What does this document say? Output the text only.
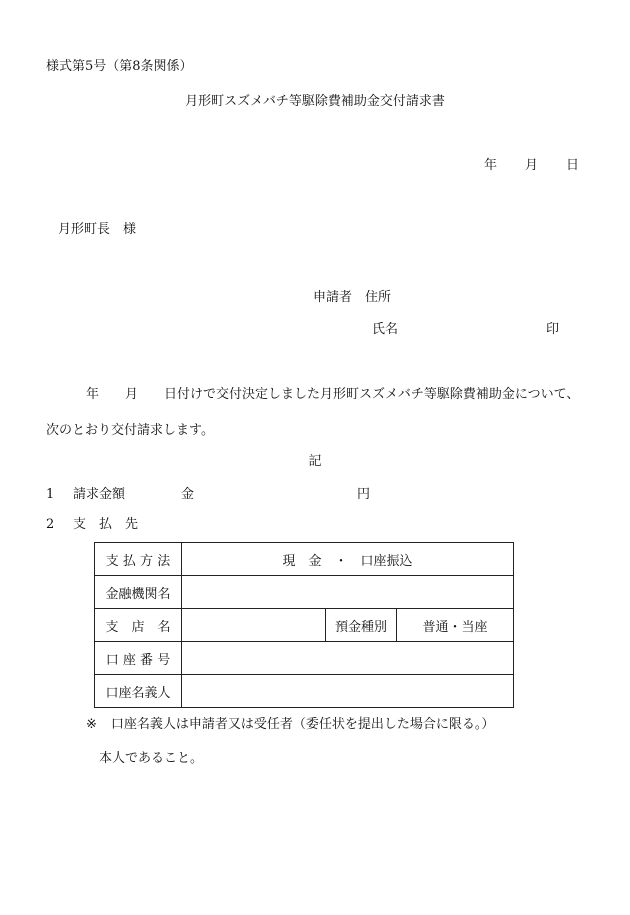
様式第5号（第8条関係）
月形町スズメバチ等駆除費補助金交付請求書
年 月 日
月形町長　様
申請者　住所
氏名	印
年　　月　　日付けで交付決定しました月形町スズメバチ等駆除費補助金について、
次のとおり交付請求します。
記
1 請求金額	金	円
2 支　払　先
支 払 方 法	現　金　・　口座振込		
金融機関名			
支　店　名		預金種別	普通・当座
口 座 番 号			
口座名義人			
※ 口座名義人は申請者又は受任者（委任状を提出した場合に限る。）
本人であること。
